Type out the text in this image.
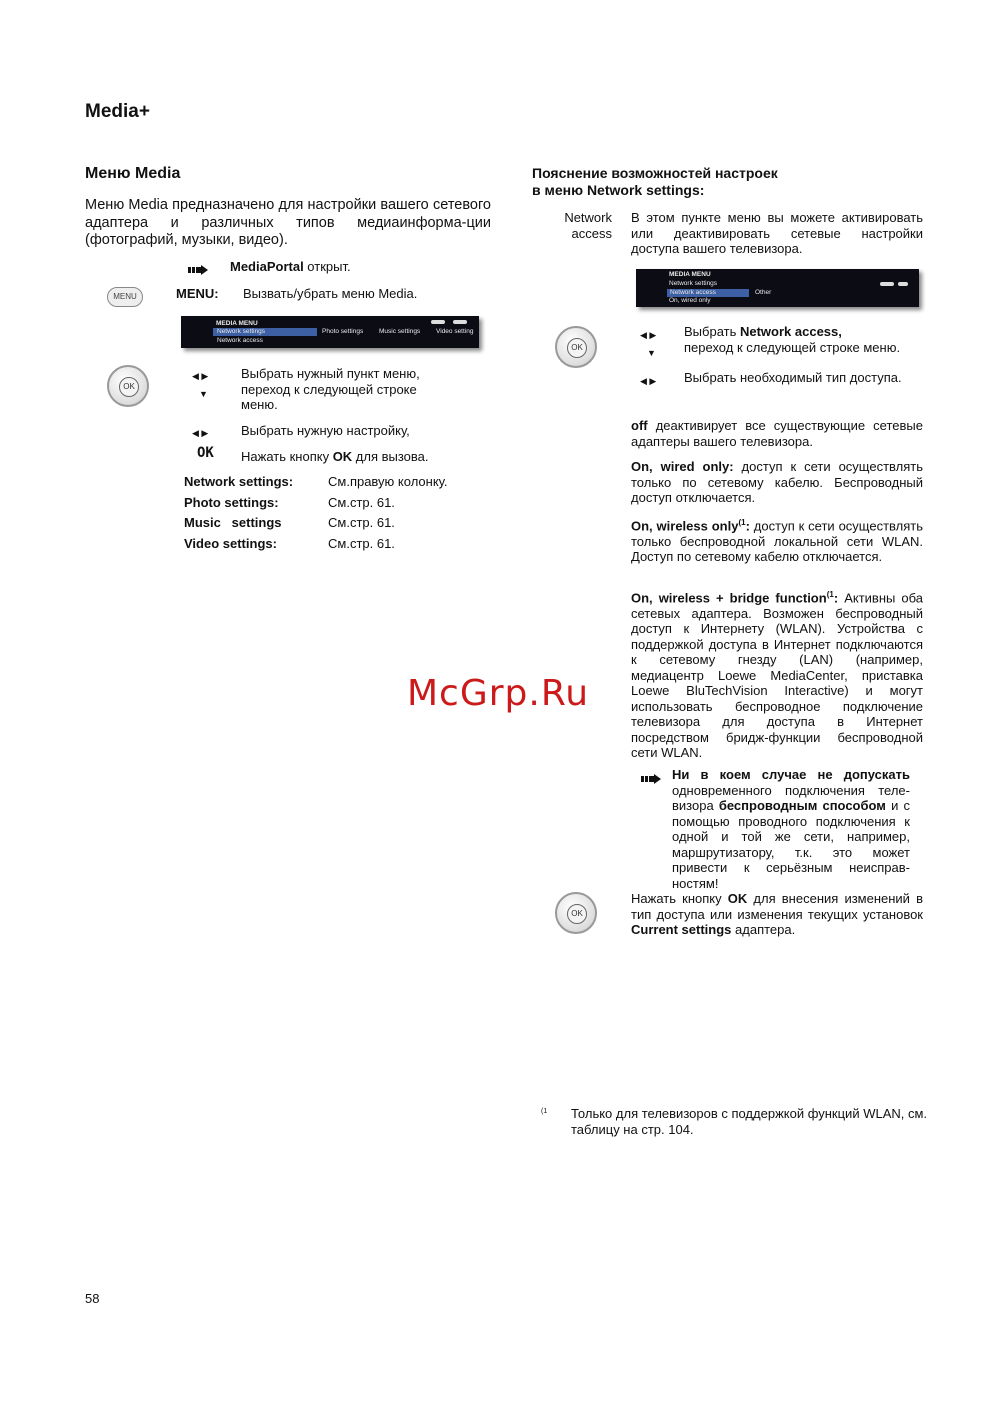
Media+
Меню Media
Меню Media предназначено для настройки вашего сетевого адаптера и различных типов медиаинформа-ции (фотографий, музыки, видео).
MediaPortal открыт.
MENU	MENU: Вызвать/убрать меню Media.
MEDIA MENU
Network settings	Photo settings Music settings Video setting
Network access
OK
◀ ▶
▼
Выбрать нужный пункт меню, переход к следующей строке меню.
◀ ▶	Выбрать нужную настройку,
OK Нажать кнопку OK для вызова.
Network settings:	См.правую колонку.
Photo settings:	См.стр. 61.
Music   settings	См.стр. 61.
Video settings:	См.стр. 61.
Пояснение возможностей настроек
в меню Network settings:
Network
access
В этом пункте меню вы можете активировать или деактивировать сетевые настройки доступа вашего телевизора.
MEDIA MENU
Network settings
Network access	Other
On, wired only
OK
◀ ▶
▼
Выбрать Network access,
переход к следующей строке меню.
◀ ▶ Выбрать необходимый тип доступа.
off деактивирует все существующие сетевые адаптеры вашего телевизора.
On, wired only: доступ к сети осуществлять только по сетевому кабелю. Беспроводный доступ отключается.
On, wireless only$^{(1}$: доступ к сети осуществлять только беспроводной локальной сети WLAN. Доступ по сетевому кабелю отключается.
On, wireless + bridge function$^{(1}$: Активны оба сетевых адаптера. Возможен беспроводный доступ к Интернету (WLAN). Устройства с поддержкой доступа в Интернет подключаются к сетевому гнезду (LAN) (например, медиацентр Loewe MediaCenter, приставка Loewe BluTechVision Interactive) и могут использовать беспроводное подключение телевизора для доступа в Интернет посредством бридж-функции беспроводной сети WLAN.
Ни в коем случае не допускать одновременного подключения теле-визора беспроводным способом и с помощью проводного подключения к одной и той же сети, например, маршрутизатору, т.к. это может привести к серьёзным неисправ-ностям!
OK
Нажать кнопку OK для внесения изменений в тип доступа или изменения текущих установок Current settings адаптера.
McGrp.Ru
(1 Только для телевизоров с поддержкой функций WLAN, см. таблицу на стр. 104.
58
